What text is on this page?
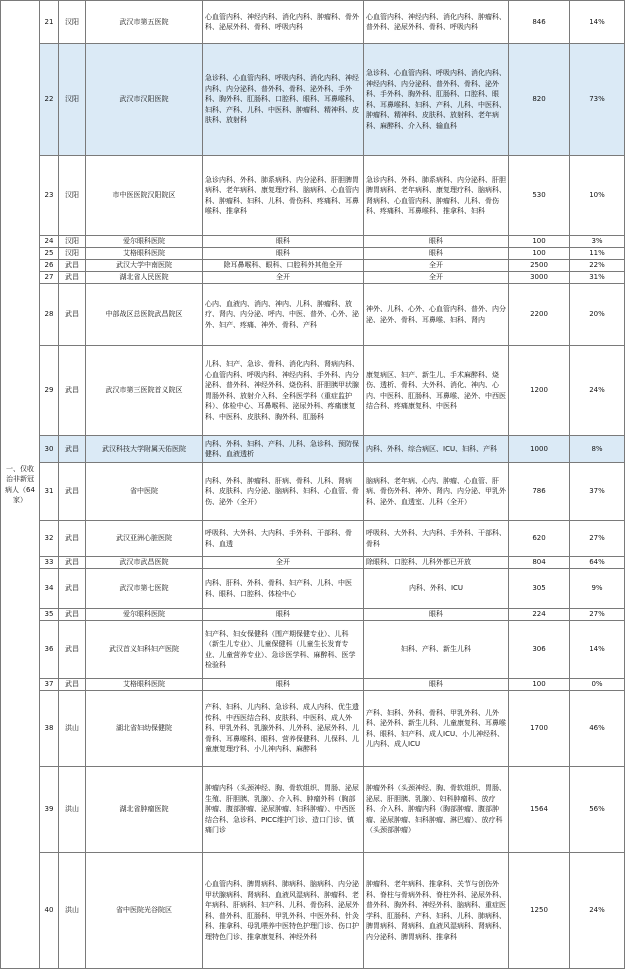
一、仅收治非新冠病人（64家）	21	汉阳	武汉市第五医院	心血管内科、神经内科、消化内科、肿瘤科、骨外科、泌尿外科、骨科、呼吸内科	心血管内科、神经内科、消化内科、肿瘤科、普外科、泌尿外科、骨科、呼吸内科	846	14%
	22	汉阳	武汉市汉阳医院	急诊科、心血管内科、呼吸内科、消化内科、神经内科、内分泌科、普外科、骨科、泌外科、手外科、胸外科、肛肠科、口腔科、眼科、耳鼻喉科、妇科、产科、儿科、中医科、肿瘤科、精神科、皮肤科、放射科	急诊科、心血管内科、呼吸内科、消化内科、神经内科、内分泌科、普外科、骨科、泌外科、手外科、胸外科、肛肠科、口腔科、眼科、耳鼻喉科、妇科、产科、儿科、中医科、肿瘤科、精神科、皮肤科、放射科、老年病科、麻醉科、介入科、输血科	820	73%
	23	汉阳	市中医医院汉阳院区	急诊内科、外科、肺系病科、内分泌科、肝胆脾胃病科、老年病科、康复理疗科、脑病科、心血管内科、肿瘤科、妇科、儿科、骨伤科、疼痛科、耳鼻喉科、推拿科	急诊内科、外科、肺系病科、内分泌科、肝胆脾胃病科、老年病科、康复理疗科、脑病科、肾病科、心血管内科、肿瘤科、儿科、骨伤科、疼痛科、耳鼻喉科、推拿科、妇科	530	10%
	24	汉阳	爱尔眼科医院	眼科	眼科	100	3%
	25	汉阳	艾格眼科医院	眼科	眼科	100	11%
	26	武昌	武汉大学中南医院	除耳鼻喉科、眼科、口腔科外其他全开	全开	2500	22%
	27	武昌	湖北省人民医院	全开	全开	3000	31%
	28	武昌	中部战区总医院武昌院区	心内、血液内、消内、神内、儿科、肿瘤科、放疗、肾内、内分泌、呼内、中医、普外、心外、泌外、妇产、疼痛、神外、骨科、产科	神外、儿科、心外、心血管内科、普外、内分泌、泌外、骨科、耳鼻喉、妇科、肾内	2200	20%
	29	武昌	武汉市第三医院首义院区	儿科、妇产、急诊、骨科、消化内科、肾病内科、心血管内科、呼吸内科、神经内科、手外科、内分泌科、普外科、神经外科、烧伤科、肝胆胰甲状腺胃肠外科、放射介入科、全科医学科（重症监护科）、体检中心、耳鼻喉科、泌尿外科、疼痛康复科、中医科、皮肤科、胸外科、肛肠科	康复病区、妇产、新生儿、手术麻醉科、烧伤、透析、骨科、大外科、消化、神内、心内、中医科、肛肠科、耳鼻喉、泌外、中西医结合科、疼痛康复科、中医科	1200	24%
	30	武昌	武汉科技大学附属天佑医院	内科、外科、妇科、产科、儿科、急诊科、预防保健科、血液透析	内科、外科、综合病区、ICU、妇科、产科	1000	8%
	31	武昌	省中医院	内科、外科、肿瘤科、肝病、骨科、儿科、肾病科、皮肤科、内分泌、脑病科、妇科、心血管、骨伤、泌外（全开）	脑病科、老年病、心内、肿瘤、心血管、肝病、骨伤外科、神外、肾内、内分泌、甲乳外科、泌外、血透室、儿科（全开）	786	37%
	32	武昌	武汉亚洲心脏医院	呼吸科、大外科、大内科、手外科、干部科、骨科、血透	呼吸科、大外科、大内科、手外科、干部科、骨科	620	27%
	33	武昌	武汉市武昌医院	全开	除眼科、口腔科、儿科外都已开放	804	64%
	34	武昌	武汉市第七医院	内科、肝科、外科、骨科、妇产科、儿科、中医科、眼科、口腔科、体检中心	内科、外科、ICU	305	9%
	35	武昌	爱尔眼科医院	眼科	眼科	224	27%
	36	武昌	武汉首义妇科妇产医院	妇产科、妇女保健科（围产期保健专业）、儿科（新生儿专业）、儿童保健科（儿童生长发育专业、儿童营养专业）、急诊医学科、麻醉科、医学检验科	妇科、产科、新生儿科	306	14%
	37	武昌	艾格眼科医院	眼科	眼科	100	0%
	38	洪山	湖北省妇幼保健院	产科、妇科、儿内科、急诊科、成人内科、优生遗传科、中西医结合科、皮肤科、中医科、成人外科、甲乳外科、乳腺外科、儿外科、泌尿外科、儿骨科、耳鼻喉科、眼科、营养保健科、儿保科、儿童康复理疗科、小儿神内科、麻醉科	产科、妇科、外科、骨科、甲乳外科、儿外科、泌外科、新生儿科、儿童康复科、耳鼻喉科、眼科、妇产科、成人ICU、小儿神经科、儿内科、成人ICU	1700	46%
	39	洪山	湖北省肿瘤医院	肿瘤内科（头颈神经、胸、骨软组织、胃肠、泌尿生殖、肝胆胰、乳腺）、介入科、肿瘤外科（胸部肿瘤、腹部肿瘤、泌尿肿瘤、妇科肿瘤）、中西医结合科、急诊科、PICC维护门诊、造口门诊、镇痛门诊	肿瘤外科（头颈神经、胸、骨软组织、胃肠、泌尿、肝胆胰、乳腺）、妇科肿瘤科、放疗科、介入科、肿瘤内科（胸部肿瘤、腹部肿瘤、泌尿肿瘤、妇科肿瘤、淋巴瘤）、放疗科（头颈部肿瘤）	1564	56%
	40	洪山	省中医院光谷院区	心血管内科、脾胃病科、肺病科、脑病科、内分泌甲状腺病科、肾病科、血液风湿病科、肿瘤科、老年病科、肝病科、妇产科、儿科、骨伤科、泌尿外科、普外科、肛肠科、甲乳外科、中医外科、针灸科、推拿科、母乳喂养中医特色护理门诊、伤口护理特色门诊、推拿康复科、神经外科	肿瘤科、老年病科、推拿科、关节与创伤外科、脊柱与骨病外科、脊柱外科、泌尿外科、普外科、胸外科、神经外科、脑病科、重症医学科、肛肠科、产科、妇科、儿科、肺病科、脾胃病科、肾病科、血液风湿病科、肾病科、内分泌科、脾胃病科、推拿科	1250	24%
